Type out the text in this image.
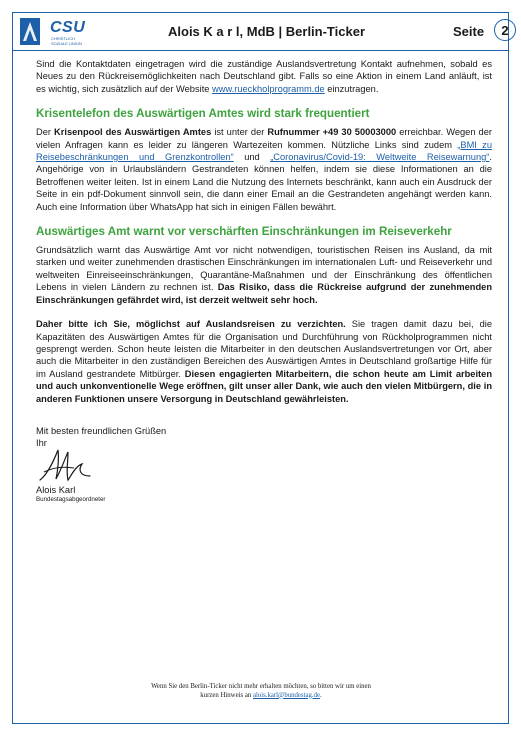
CSU
CHRISTLICH SOZIALE UNION
Alois K a r l, MdB | Berlin-Ticker	Seite	2

Sind die Kontaktdaten eingetragen wird die zuständige Auslandsvertretung Kontakt aufnehmen, sobald es Neues zu den Rückreisemöglichkeiten nach Deutschland gibt. Falls so eine Aktion in einem Land anläuft, ist es wichtig, sich zusätzlich auf der Website www.rueckholprogramm.de einzutragen.

Krisentelefon des Auswärtigen Amtes wird stark frequentiert

Der Krisenpool des Auswärtigen Amtes ist unter der Rufnummer +49 30 50003000 erreichbar. Wegen der vielen Anfragen kann es leider zu längeren Wartezeiten kommen. Nützliche Links sind zudem „BMI zu Reisebeschränkungen und Grenzkontrollen“ und „Coronavirus/Covid-19: Weltweite Reisewarnung“. Angehörige von in Urlaubsländern Gestrandeten können helfen, indem sie diese Informationen an die Betroffenen weiter leiten. Ist in einem Land die Nutzung des Internets beschränkt, kann auch ein Ausdruck der Seite in ein pdf-Dokument sinnvoll sein, die dann einer Email an die Gestrandeten angehängt werden kann. Auch eine Information über WhatsApp hat sich in einigen Fällen bewährt.

Auswärtiges Amt warnt vor verschärften Einschränkungen im Reiseverkehr

Grundsätzlich warnt das Auswärtige Amt vor nicht notwendigen, touristischen Reisen ins Ausland, da mit starken und weiter zunehmenden drastischen Einschränkungen im internationalen Luft- und Reiseverkehr und weltweiten Einreiseeinschränkungen, Quarantäne-Maßnahmen und der Einschränkung des öffentlichen Lebens in vielen Ländern zu rechnen ist. Das Risiko, dass die Rückreise aufgrund der zunehmenden Einschränkungen gefährdet wird, ist derzeit weltweit sehr hoch.

Daher bitte ich Sie, möglichst auf Auslandsreisen zu verzichten. Sie tragen damit dazu bei, die Kapazitäten des Auswärtigen Amtes für die Organisation und Durchführung von Rückholprogrammen nicht gesprengt werden. Schon heute leisten die Mitarbeiter in den deutschen Auslandsvertretungen vor Ort, aber auch die Mitarbeiter in den zuständigen Bereichen des Auswärtigen Amtes in Deutschland großartige Hilfe für im Ausland gestrandete Mitbürger. Diesen engagierten Mitarbeitern, die schon heute am Limit arbeiten und auch unkonventionelle Wege eröffnen, gilt unser aller Dank, wie auch den vielen Mitbürgern, die in anderen Funktionen unsere Versorgung in Deutschland gewährleisten.

Mit besten freundlichen Grüßen
Ihr
Alois Karl
Bundestagsabgeordneter
Wenn Sie den Berlin-Ticker nicht mehr erhalten möchten, so bitten wir um einen
kurzen Hinweis an alois.karl@bundestag.de.
